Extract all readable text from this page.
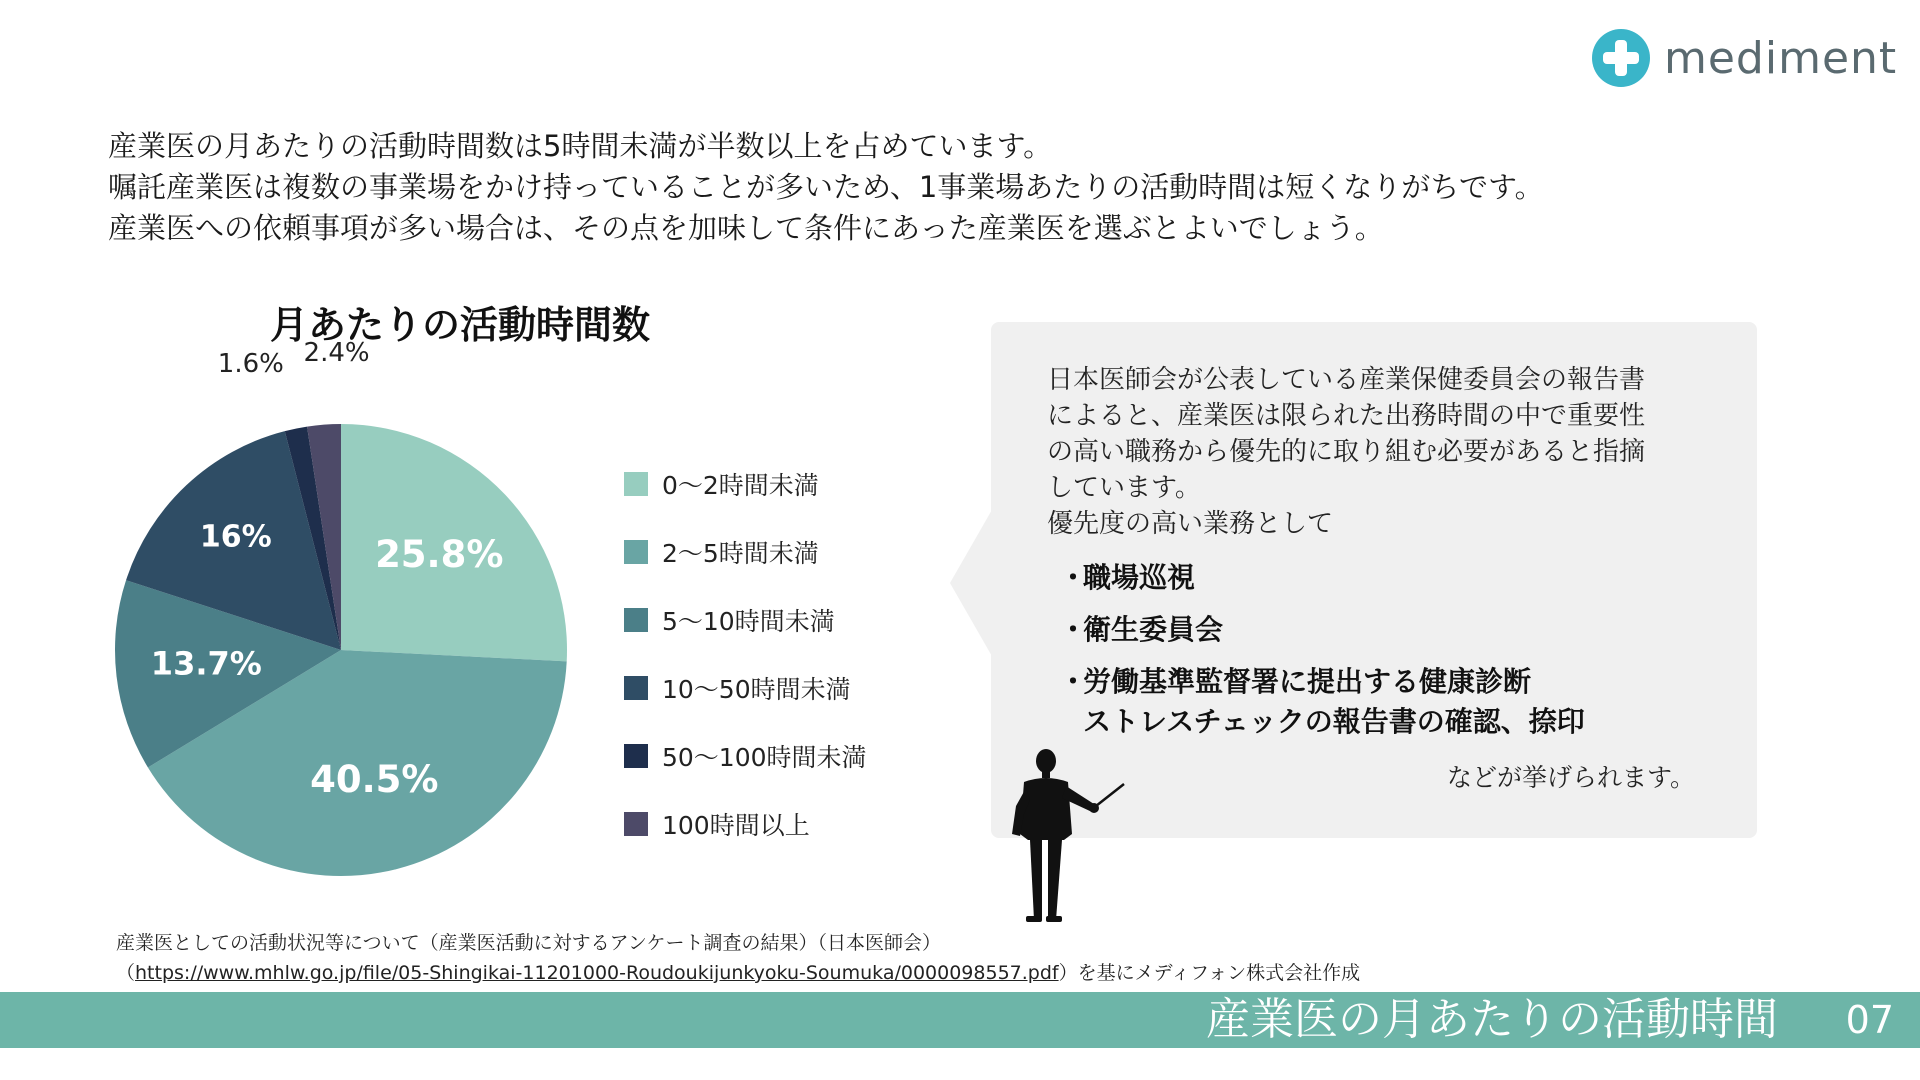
mediment
産業医の月あたりの活動時間数は5時間未満が半数以上を占めています。
嘱託産業医は複数の事業場をかけ持っていることが多いため、1事業場あたりの活動時間は短くなりがちです。
産業医への依頼事項が多い場合は、その点を加味して条件にあった産業医を選ぶとよいでしょう。
月あたりの活動時間数
25.8%
40.5%
13.7%
16%
1.6% 2.4%
0〜2時間未満
2〜5時間未満
5〜10時間未満
10〜50時間未満
50〜100時間未満
100時間以上
日本医師会が公表している産業保健委員会の報告書
によると、産業医は限られた出務時間の中で重要性
の高い職務から優先的に取り組む必要があると指摘
しています。
優先度の高い業務として
・
職場巡視
・
衛生委員会
・
労働基準監督署に提出する健康診断
ストレスチェックの報告書の確認、捺印
などが挙げられます。
産業医としての活動状況等について（産業医活動に対するアンケート調査の結果）（日本医師会）
（https://www.mhlw.go.jp/file/05-Shingikai-11201000-Roudoukijunkyoku-Soumuka/0000098557.pdf）を基にメディフォン株式会社作成
産業医の月あたりの活動時間 07
